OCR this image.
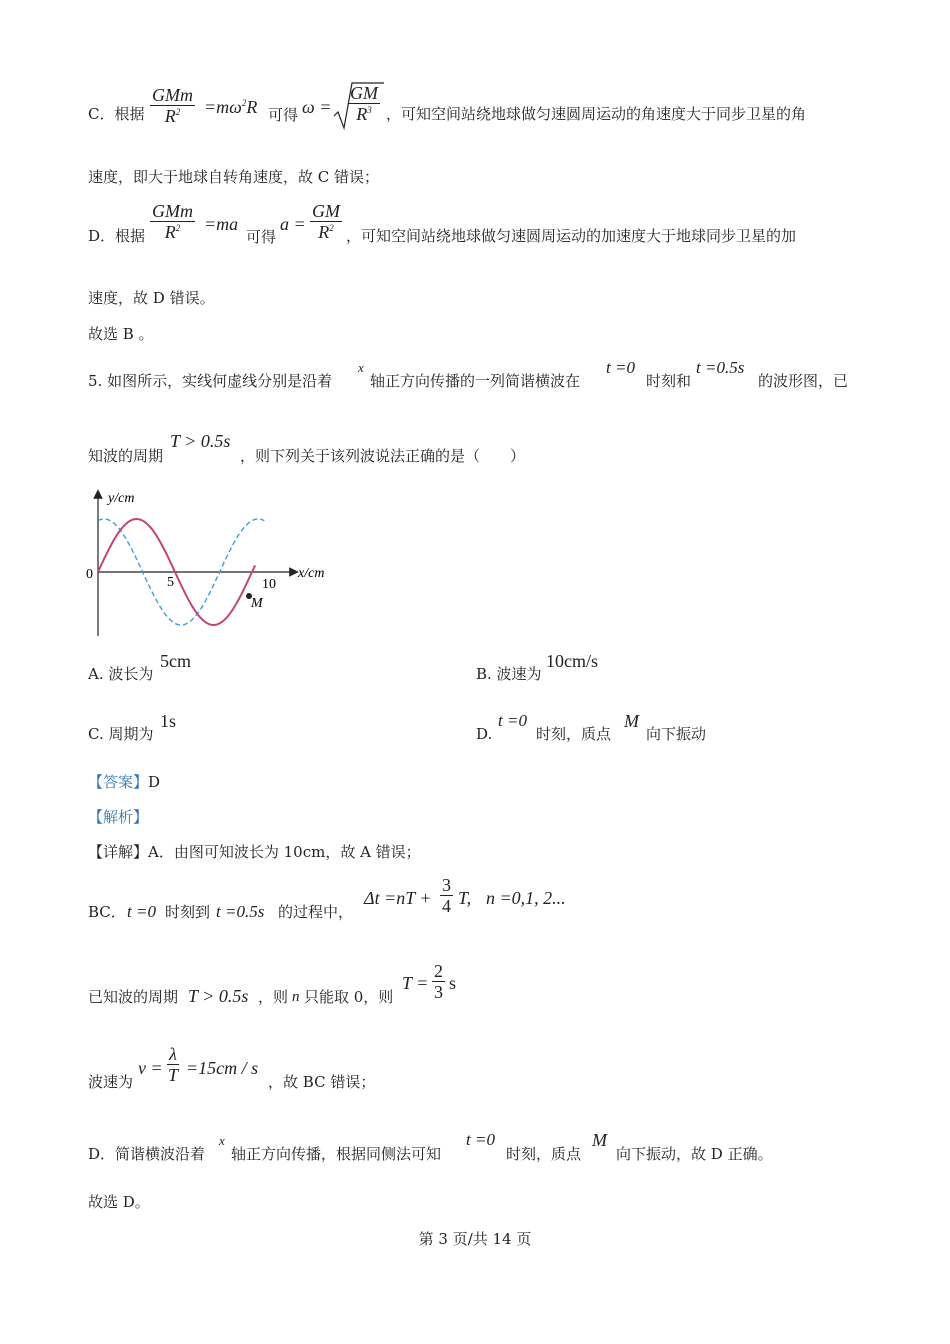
C．根据 $\frac{\text{GMm}}{R^2} =m\omega^2R$ 可得 $\omega = \frac{GM}{R^3}$ ，可知空间站绕地球做匀速圆周运动的角速度大于同步卫星的角
速度，即大于地球自转角速度，故 C 错误；
D．根据 $\frac{\text{GMm}}{R^2} =ma$
可得
$a = \frac{GM}{R^2}$ ，可知空间站绕地球做匀速圆周运动的加速度大于地球同步卫星的加
速度，故 D 错误。
故选 B 。
5. 如图所示，实线何虚线分别是沿着
x
轴正方向传播的一列简谐横波在
t =0
时刻和
t =0.5s
的波形图，已
知波的周期
T > 0.5s
，则下列关于该列波说法正确的是（　　）
y/cm
x/cm
0
5	10
M
A. 波长为
5cm
B. 波速为
10cm/s
C. 周期为
1s
D.
t =0
时刻，质点
M
向下振动
【答案】D
【解析】
【详解】A．由图可知波长为 10cm，故 A 错误；
BC． t =0 时刻到 t =0.5s 的过程中，
$\Delta t =nT + \frac{3}{4} T$, n =0,1, 2...
已知波的周期 T > 0.5s ，则 n 只能取 0，则
$T = \frac{2}{3}$ s
波速为
$v = \frac{\lambda}{T} =15cm / s$
，故 BC 错误；
D．简谐横波沿着
x
轴正方向传播，根据同侧法可知
t =0
时刻，质点
M
向下振动，故 D 正确。
故选 D。
第 3 页/共 14 页
